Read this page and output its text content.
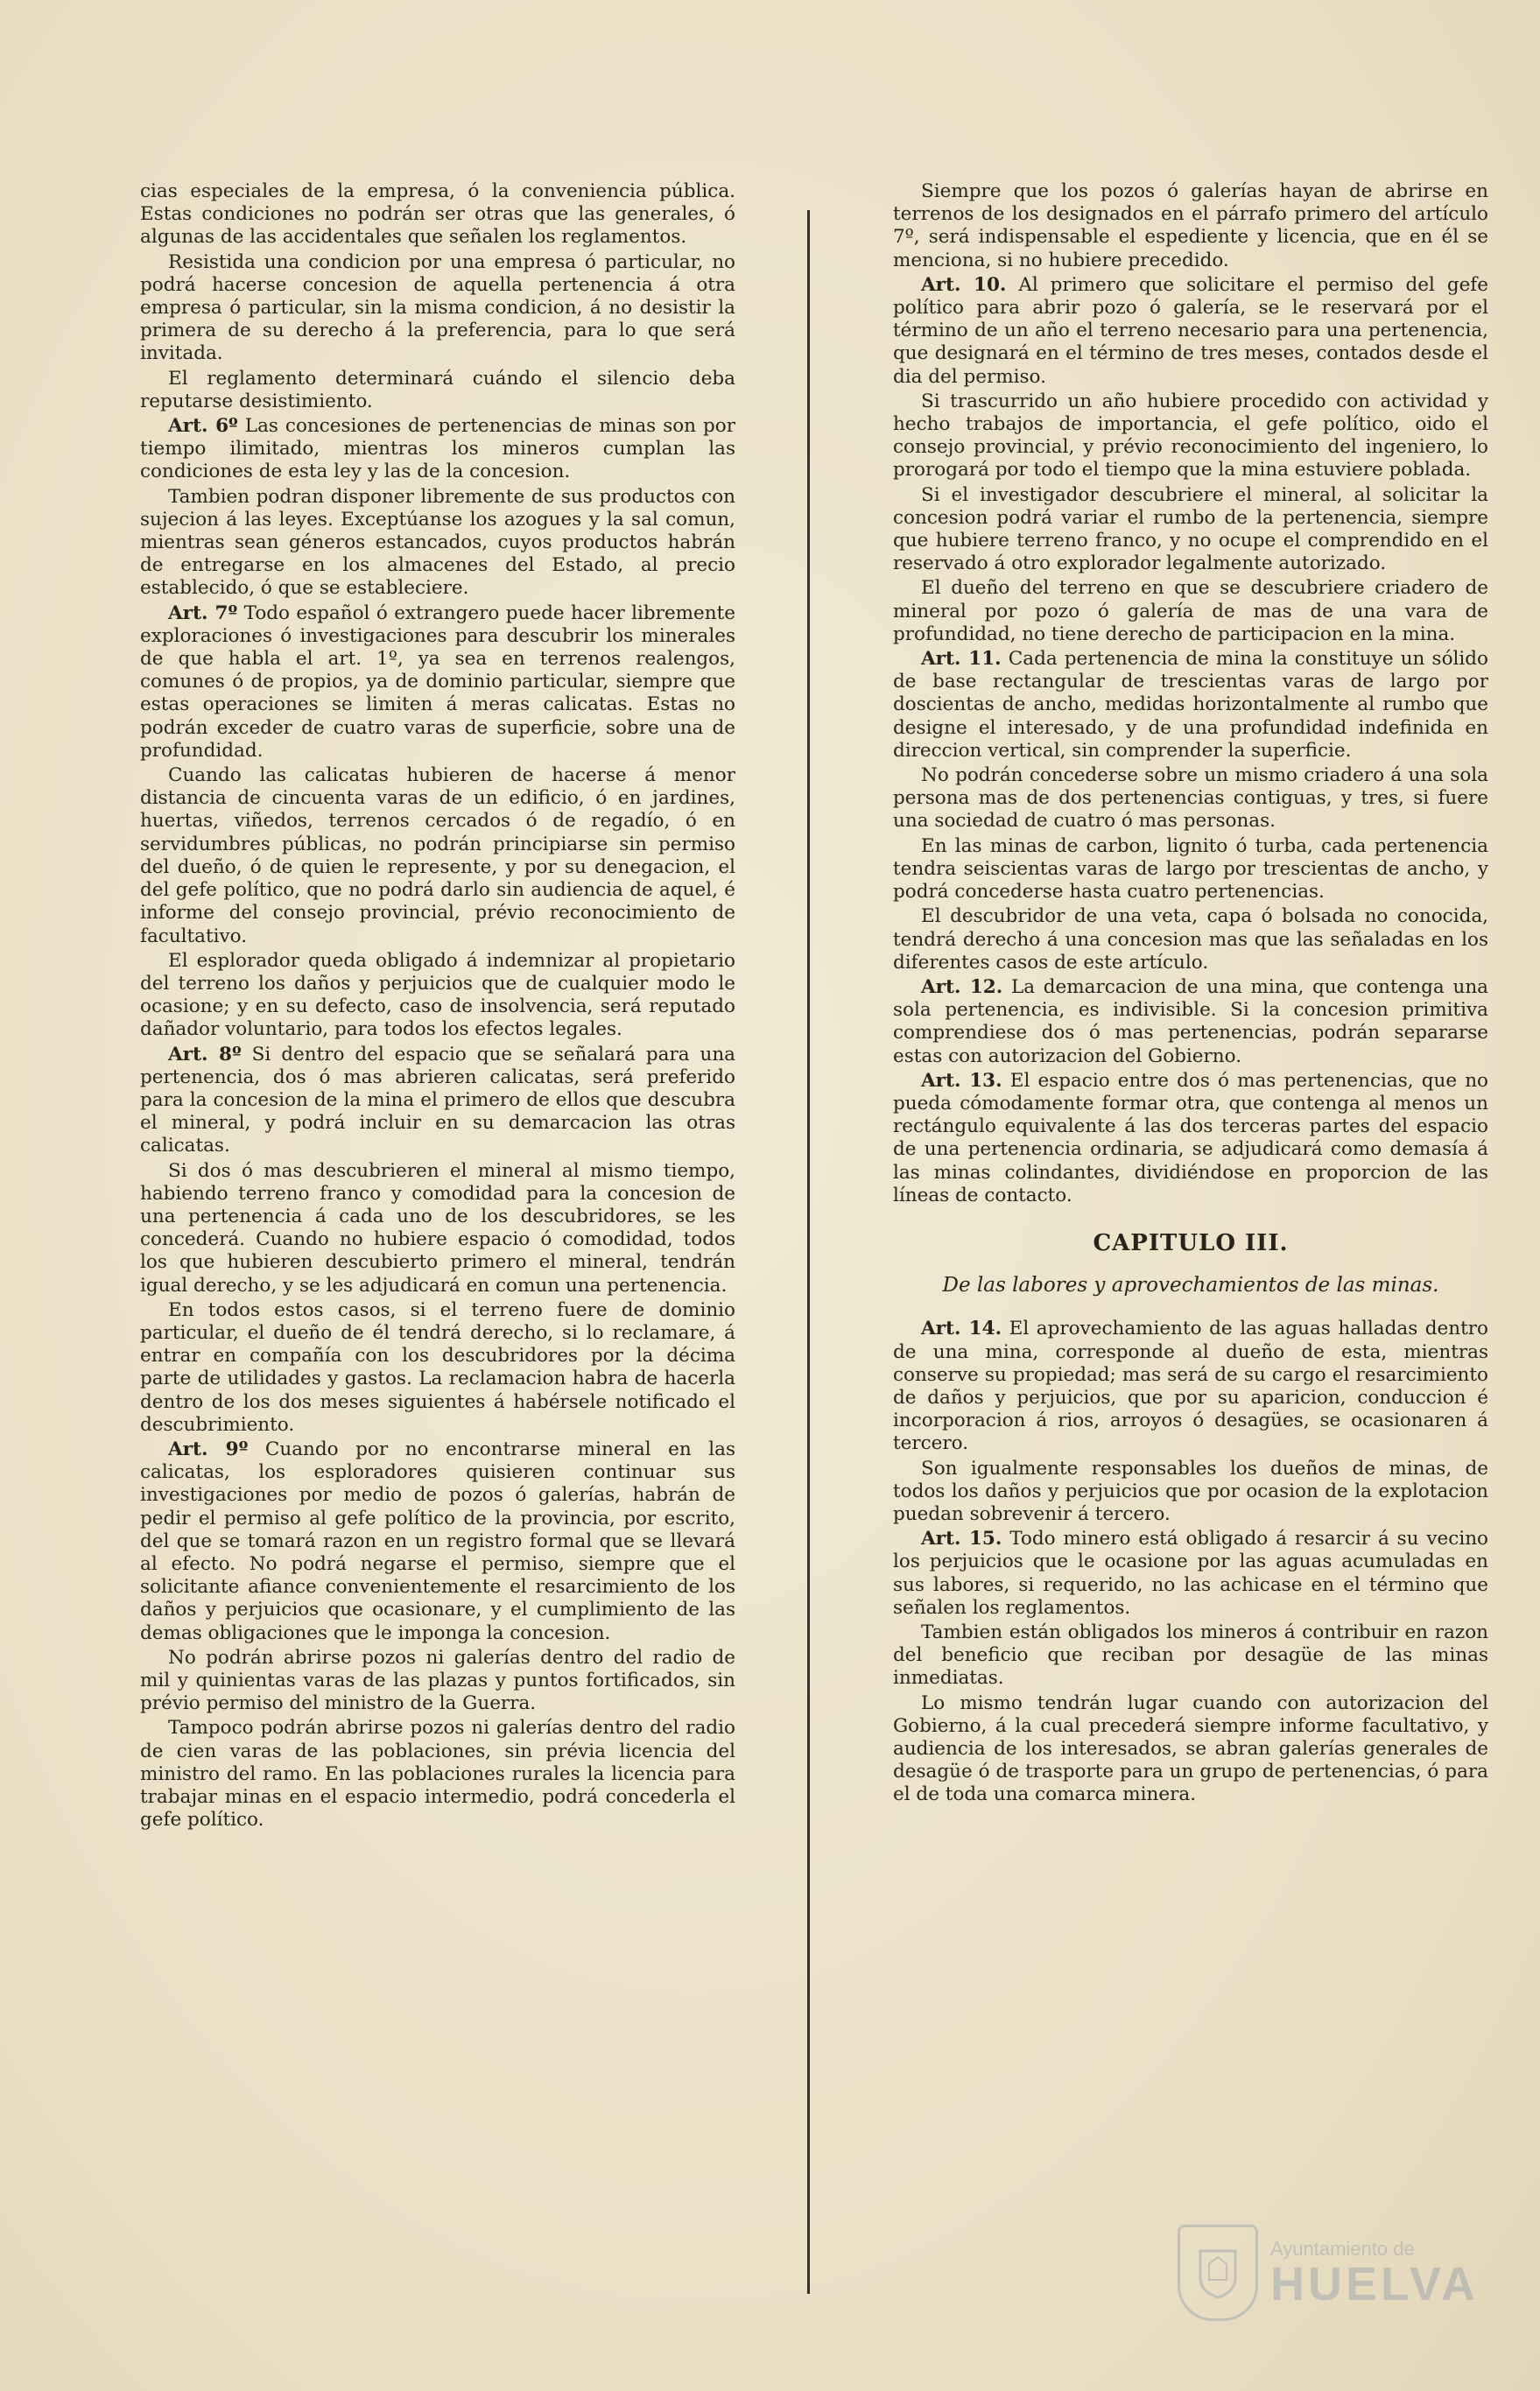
cias especiales de la empresa, ó la conveniencia pública. Estas condiciones no podrán ser otras que las generales, ó algunas de las accidentales que señalen los reglamentos.

Resistida una condicion por una empresa ó particular, no podrá hacerse concesion de aquella pertenencia á otra empresa ó particular, sin la misma condicion, á no desistir la primera de su derecho á la preferencia, para lo que será invitada.

El reglamento determinará cuándo el silencio deba reputarse desistimiento.

Art. 6º Las concesiones de pertenencias de minas son por tiempo ilimitado, mientras los mineros cumplan las condiciones de esta ley y las de la concesion.

Tambien podran disponer libremente de sus productos con sujecion á las leyes. Exceptúanse los azogues y la sal comun, mientras sean géneros estancados, cuyos productos habrán de entregarse en los almacenes del Estado, al precio establecido, ó que se estableciere.

Art. 7º Todo español ó extrangero puede hacer libremente exploraciones ó investigaciones para descubrir los minerales de que habla el art. 1º, ya sea en terrenos realengos, comunes ó de propios, ya de dominio particular, siempre que estas operaciones se limiten á meras calicatas. Estas no podrán exceder de cuatro varas de superficie, sobre una de profundidad.

Cuando las calicatas hubieren de hacerse á menor distancia de cincuenta varas de un edificio, ó en jardines, huertas, viñedos, terrenos cercados ó de regadío, ó en servidumbres públicas, no podrán principiarse sin permiso del dueño, ó de quien le represente, y por su denegacion, el del gefe político, que no podrá darlo sin audiencia de aquel, é informe del consejo provincial, prévio reconocimiento de facultativo.

El esplorador queda obligado á indemnizar al propietario del terreno los daños y perjuicios que de cualquier modo le ocasione; y en su defecto, caso de insolvencia, será reputado dañador voluntario, para todos los efectos legales.

Art. 8º Si dentro del espacio que se señalará para una pertenencia, dos ó mas abrieren calicatas, será preferido para la concesion de la mina el primero de ellos que descubra el mineral, y podrá incluir en su demarcacion las otras calicatas.

Si dos ó mas descubrieren el mineral al mismo tiempo, habiendo terreno franco y comodidad para la concesion de una pertenencia á cada uno de los descubridores, se les concederá. Cuando no hubiere espacio ó comodidad, todos los que hubieren descubierto primero el mineral, tendrán igual derecho, y se les adjudicará en comun una pertenencia.

En todos estos casos, si el terreno fuere de dominio particular, el dueño de él tendrá derecho, si lo reclamare, á entrar en compañía con los descubridores por la décima parte de utilidades y gastos. La reclamacion habra de hacerla dentro de los dos meses siguientes á habérsele notificado el descubrimiento.

Art. 9º Cuando por no encontrarse mineral en las calicatas, los esploradores quisieren continuar sus investigaciones por medio de pozos ó galerías, habrán de pedir el permiso al gefe político de la provincia, por escrito, del que se tomará razon en un registro formal que se llevará al efecto. No podrá negarse el permiso, siempre que el solicitante afiance convenientemente el resarcimiento de los daños y perjuicios que ocasionare, y el cumplimiento de las demas obligaciones que le imponga la concesion.

No podrán abrirse pozos ni galerías dentro del radio de mil y quinientas varas de las plazas y puntos fortificados, sin prévio permiso del ministro de la Guerra.

Tampoco podrán abrirse pozos ni galerías dentro del radio de cien varas de las poblaciones, sin prévia licencia del ministro del ramo. En las poblaciones rurales la licencia para trabajar minas en el espacio intermedio, podrá concederla el gefe político.

Siempre que los pozos ó galerías hayan de abrirse en terrenos de los designados en el párrafo primero del artículo 7º, será indispensable el espediente y licencia, que en él se menciona, si no hubiere precedido.

Art. 10. Al primero que solicitare el permiso del gefe político para abrir pozo ó galería, se le reservará por el término de un año el terreno necesario para una pertenencia, que designará en el término de tres meses, contados desde el dia del permiso.

Si trascurrido un año hubiere procedido con actividad y hecho trabajos de importancia, el gefe político, oido el consejo provincial, y prévio reconocimiento del ingeniero, lo prorogará por todo el tiempo que la mina estuviere poblada.

Si el investigador descubriere el mineral, al solicitar la concesion podrá variar el rumbo de la pertenencia, siempre que hubiere terreno franco, y no ocupe el comprendido en el reservado á otro explorador legalmente autorizado.

El dueño del terreno en que se descubriere criadero de mineral por pozo ó galería de mas de una vara de profundidad, no tiene derecho de participacion en la mina.

Art. 11. Cada pertenencia de mina la constituye un sólido de base rectangular de trescientas varas de largo por doscientas de ancho, medidas horizontalmente al rumbo que designe el interesado, y de una profundidad indefinida en direccion vertical, sin comprender la superficie.

No podrán concederse sobre un mismo criadero á una sola persona mas de dos pertenencias contiguas, y tres, si fuere una sociedad de cuatro ó mas personas.

En las minas de carbon, lignito ó turba, cada pertenencia tendra seiscientas varas de largo por trescientas de ancho, y podrá concederse hasta cuatro pertenencias.

El descubridor de una veta, capa ó bolsada no conocida, tendrá derecho á una concesion mas que las señaladas en los diferentes casos de este artículo.

Art. 12. La demarcacion de una mina, que contenga una sola pertenencia, es indivisible. Si la concesion primitiva comprendiese dos ó mas pertenencias, podrán separarse estas con autorizacion del Gobierno.

Art. 13. El espacio entre dos ó mas pertenencias, que no pueda cómodamente formar otra, que contenga al menos un rectángulo equivalente á las dos terceras partes del espacio de una pertenencia ordinaria, se adjudicará como demasía á las minas colindantes, dividiéndose en proporcion de las líneas de contacto.

CAPITULO III.
De las labores y aprovechamientos de las minas.

Art. 14. El aprovechamiento de las aguas halladas dentro de una mina, corresponde al dueño de esta, mientras conserve su propiedad; mas será de su cargo el resarcimiento de daños y perjuicios, que por su aparicion, conduccion é incorporacion á rios, arroyos ó desagües, se ocasionaren á tercero.

Son igualmente responsables los dueños de minas, de todos los daños y perjuicios que por ocasion de la explotacion puedan sobrevenir á tercero.

Art. 15. Todo minero está obligado á resarcir á su vecino los perjuicios que le ocasione por las aguas acumuladas en sus labores, si requerido, no las achicase en el término que señalen los reglamentos.

Tambien están obligados los mineros á contribuir en razon del beneficio que reciban por desagüe de las minas inmediatas.

Lo mismo tendrán lugar cuando con autorizacion del Gobierno, á la cual precederá siempre informe facultativo, y audiencia de los interesados, se abran galerías generales de desagüe ó de trasporte para un grupo de pertenencias, ó para el de toda una comarca minera.

Ayuntamiento de
HUELVA
